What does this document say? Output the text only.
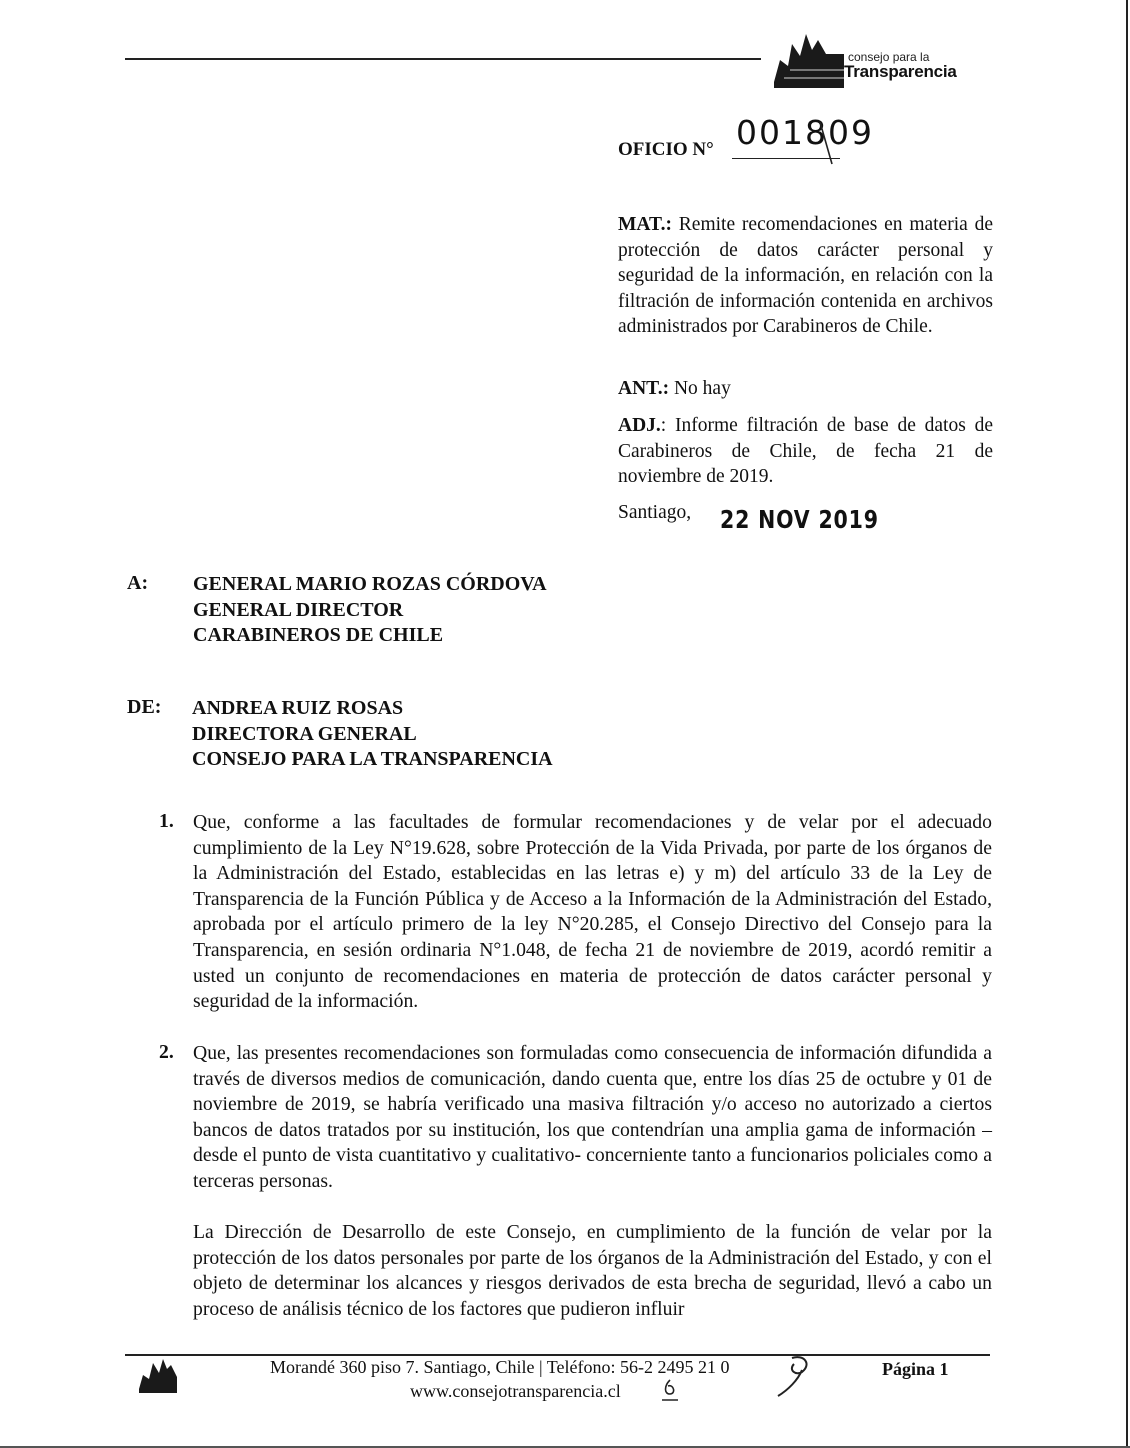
consejo para la
Transparencia
OFICIO N° 001809
MAT.: Remite recomendaciones en materia de protección de datos carácter personal y seguridad de la información, en relación con la filtración de información contenida en archivos administrados por Carabineros de Chile.
ANT.: No hay
ADJ.: Informe filtración de base de datos de Carabineros de Chile, de fecha 21 de noviembre de 2019.
Santiago, 22 NOV 2019
A: GENERAL MARIO ROZAS CÓRDOVA
GENERAL DIRECTOR
CARABINEROS DE CHILE
DE: ANDREA RUIZ ROSAS
DIRECTORA GENERAL
CONSEJO PARA LA TRANSPARENCIA
1. Que, conforme a las facultades de formular recomendaciones y de velar por el adecuado cumplimiento de la Ley N°19.628, sobre Protección de la Vida Privada, por parte de los órganos de la Administración del Estado, establecidas en las letras e) y m) del artículo 33 de la Ley de Transparencia de la Función Pública y de Acceso a la Información de la Administración del Estado, aprobada por el artículo primero de la ley N°20.285, el Consejo Directivo del Consejo para la Transparencia, en sesión ordinaria N°1.048, de fecha 21 de noviembre de 2019, acordó remitir a usted un conjunto de recomendaciones en materia de protección de datos carácter personal y seguridad de la información.
2. Que, las presentes recomendaciones son formuladas como consecuencia de información difundida a través de diversos medios de comunicación, dando cuenta que, entre los días 25 de octubre y 01 de noviembre de 2019, se habría verificado una masiva filtración y/o acceso no autorizado a ciertos bancos de datos tratados por su institución, los que contendrían una amplia gama de información –desde el punto de vista cuantitativo y cualitativo- concerniente tanto a funcionarios policiales como a terceras personas.
La Dirección de Desarrollo de este Consejo, en cumplimiento de la función de velar por la protección de los datos personales por parte de los órganos de la Administración del Estado, y con el objeto de determinar los alcances y riesgos derivados de esta brecha de seguridad, llevó a cabo un proceso de análisis técnico de los factores que pudieron influir
Morandé 360 piso 7. Santiago, Chile | Teléfono: 56-2 2495 21 0
www.consejotransparencia.cl
Página 1
